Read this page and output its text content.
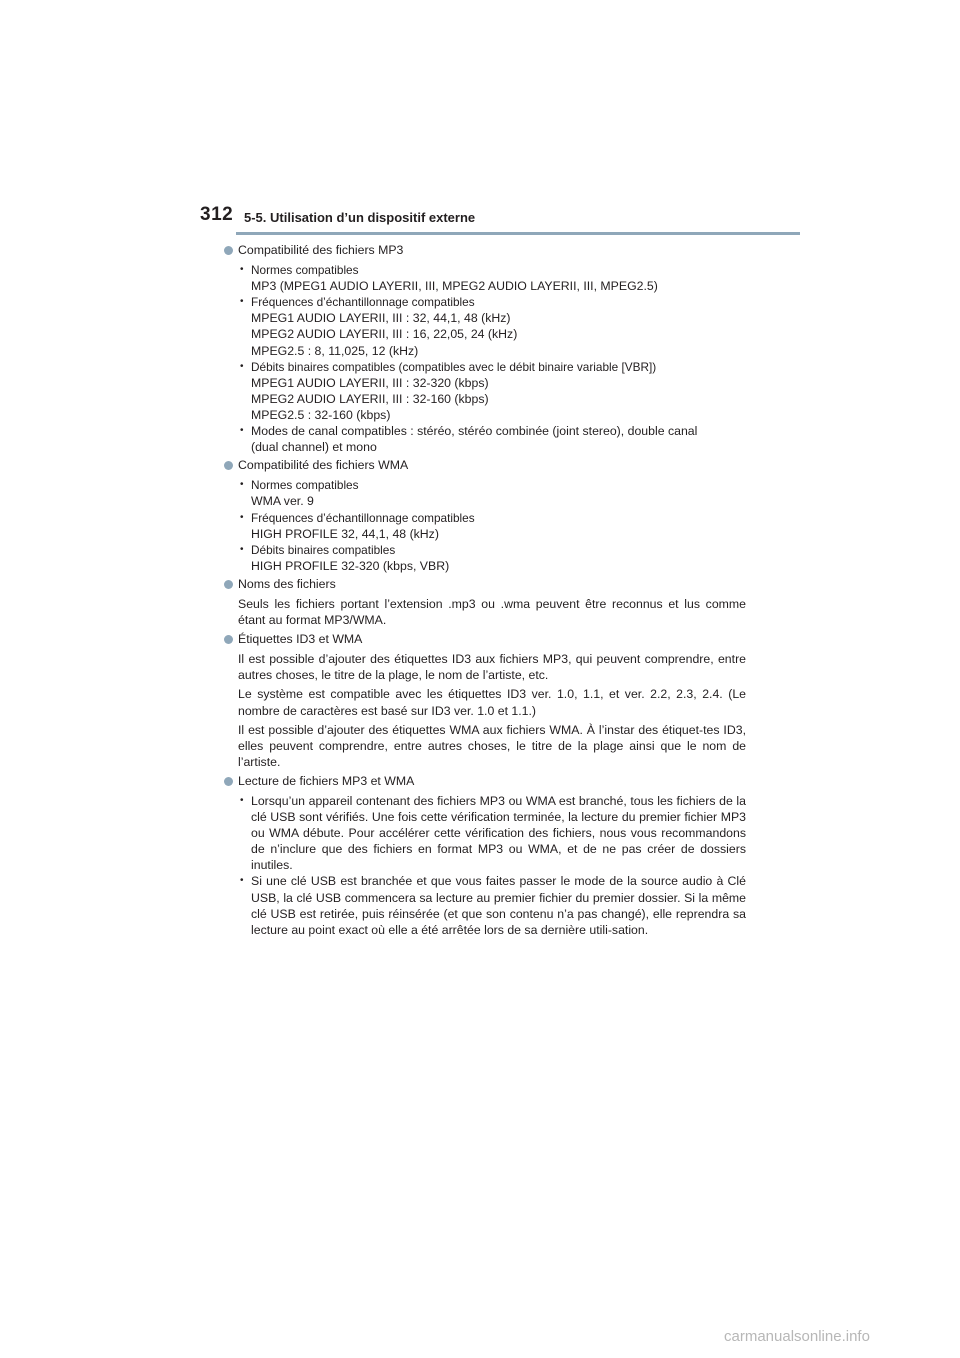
312 5-5. Utilisation d’un dispositif externe
Compatibilité des fichiers MP3
• Normes compatibles
MP3 (MPEG1 AUDIO LAYERII, III, MPEG2 AUDIO LAYERII, III, MPEG2.5)
• Fréquences d’échantillonnage compatibles
MPEG1 AUDIO LAYERII, III : 32, 44,1, 48 (kHz)
MPEG2 AUDIO LAYERII, III : 16, 22,05, 24 (kHz)
MPEG2.5 : 8, 11,025, 12 (kHz)
• Débits binaires compatibles (compatibles avec le débit binaire variable [VBR])
MPEG1 AUDIO LAYERII, III : 32-320 (kbps)
MPEG2 AUDIO LAYERII, III : 32-160 (kbps)
MPEG2.5 : 32-160 (kbps)
• Modes de canal compatibles : stéréo, stéréo combinée (joint stereo), double canal
(dual channel) et mono
Compatibilité des fichiers WMA
• Normes compatibles
WMA ver. 9
• Fréquences d’échantillonnage compatibles
HIGH PROFILE 32, 44,1, 48 (kHz)
• Débits binaires compatibles
HIGH PROFILE 32-320 (kbps, VBR)
Noms des fichiers

Seuls les fichiers portant l’extension .mp3 ou .wma peuvent être reconnus et lus comme étant au format MP3/WMA.

Étiquettes ID3 et WMA

Il est possible d’ajouter des étiquettes ID3 aux fichiers MP3, qui peuvent comprendre, entre autres choses, le titre de la plage, le nom de l’artiste, etc.

Le système est compatible avec les étiquettes ID3 ver. 1.0, 1.1, et ver. 2.2, 2.3, 2.4. (Le nombre de caractères est basé sur ID3 ver. 1.0 et 1.1.)

Il est possible d’ajouter des étiquettes WMA aux fichiers WMA. À l’instar des étiquet-tes ID3, elles peuvent comprendre, entre autres choses, le titre de la plage ainsi que le nom de l’artiste.

Lecture de fichiers MP3 et WMA
• Lorsqu’un appareil contenant des fichiers MP3 ou WMA est branché, tous les fichiers de la clé USB sont vérifiés. Une fois cette vérification terminée, la lecture du premier fichier MP3 ou WMA débute. Pour accélérer cette vérification des fichiers, nous vous recommandons de n’inclure que des fichiers en format MP3 ou WMA, et de ne pas créer de dossiers inutiles.
• Si une clé USB est branchée et que vous faites passer le mode de la source audio à Clé USB, la clé USB commencera sa lecture au premier fichier du premier dossier. Si la même clé USB est retirée, puis réinsérée (et que son contenu n’a pas changé), elle reprendra sa lecture au point exact où elle a été arrêtée lors de sa dernière utili-sation.
carmanualsonline.info
